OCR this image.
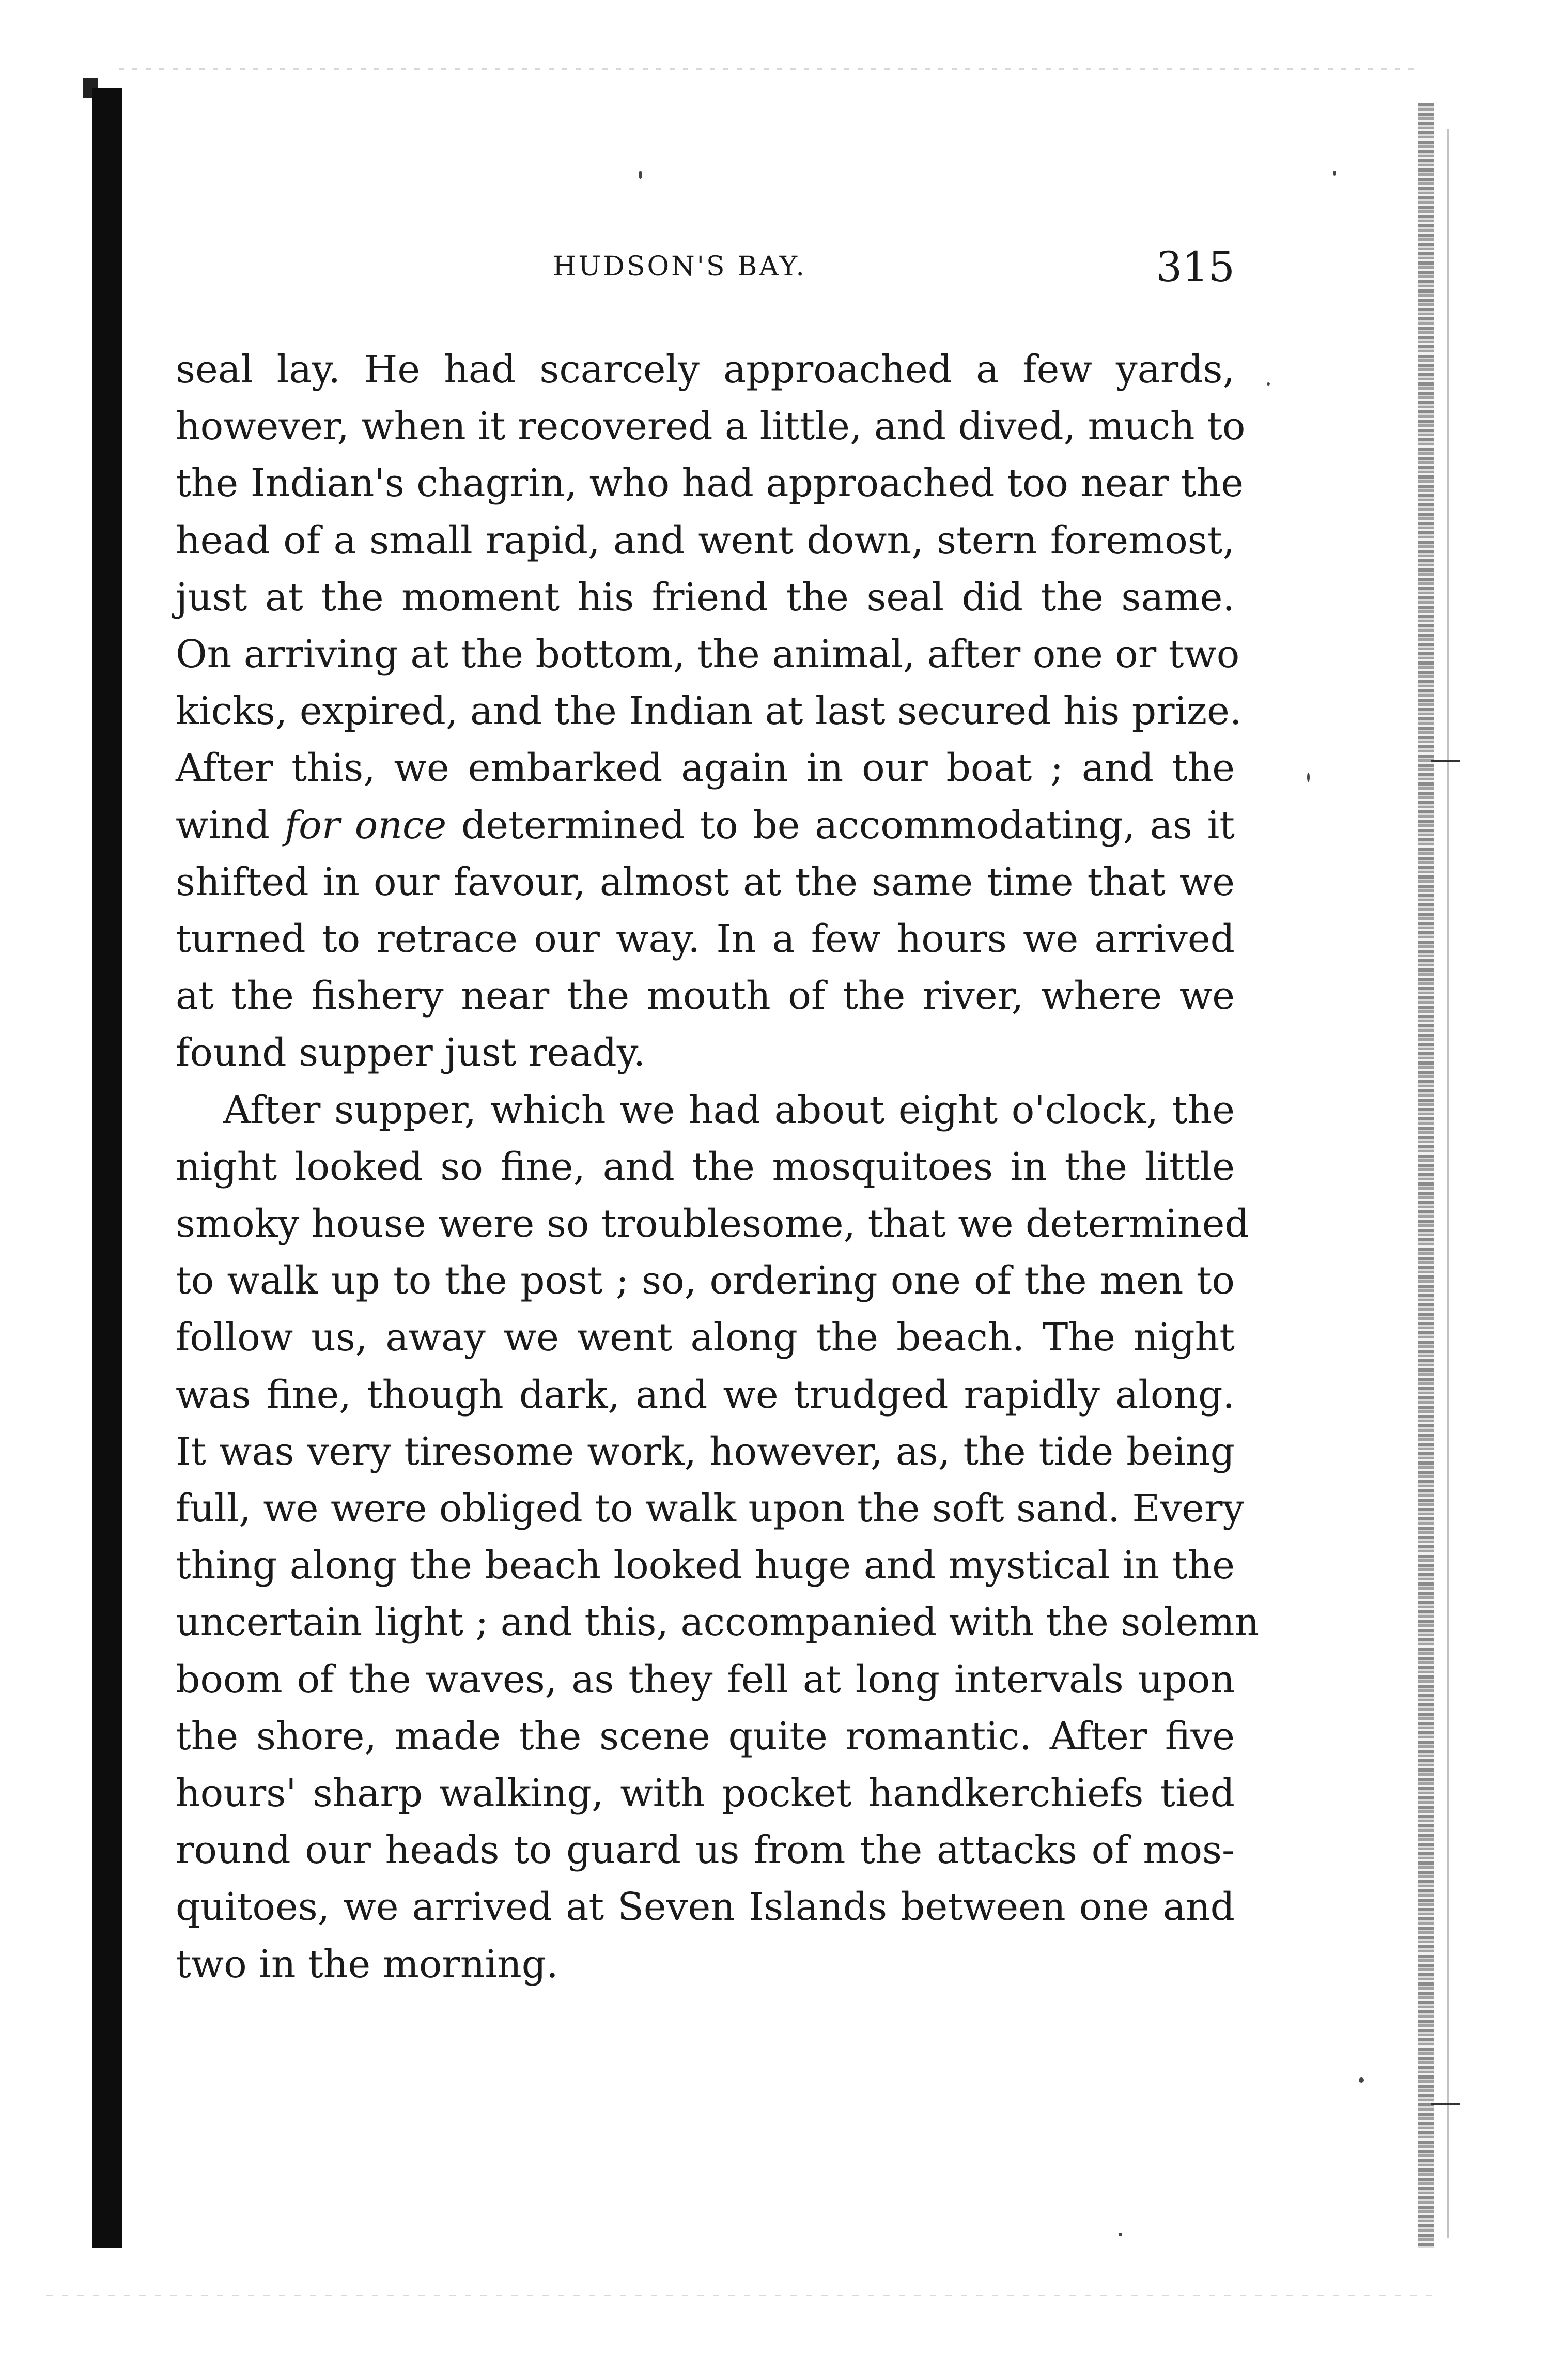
HUDSON'S BAY.	315
seal lay. He had scarcely approached a few yards,
however, when it recovered a little, and dived, much to
the Indian's chagrin, who had approached too near the
head of a small rapid, and went down, stern foremost,
just at the moment his friend the seal did the same.
On arriving at the bottom, the animal, after one or two
kicks, expired, and the Indian at last secured his prize.
After this, we embarked again in our boat ; and the
wind for once determined to be accommodating, as it
shifted in our favour, almost at the same time that we
turned to retrace our way. In a few hours we arrived
at the fishery near the mouth of the river, where we
found supper just ready.
After supper, which we had about eight o'clock, the
night looked so fine, and the mosquitoes in the little
smoky house were so troublesome, that we determined
to walk up to the post ; so, ordering one of the men to
follow us, away we went along the beach. The night
was fine, though dark, and we trudged rapidly along.
It was very tiresome work, however, as, the tide being
full, we were obliged to walk upon the soft sand. Every
thing along the beach looked huge and mystical in the
uncertain light ; and this, accompanied with the solemn
boom of the waves, as they fell at long intervals upon
the shore, made the scene quite romantic. After five
hours' sharp walking, with pocket handkerchiefs tied
round our heads to guard us from the attacks of mos-
quitoes, we arrived at Seven Islands between one and
two in the morning.
